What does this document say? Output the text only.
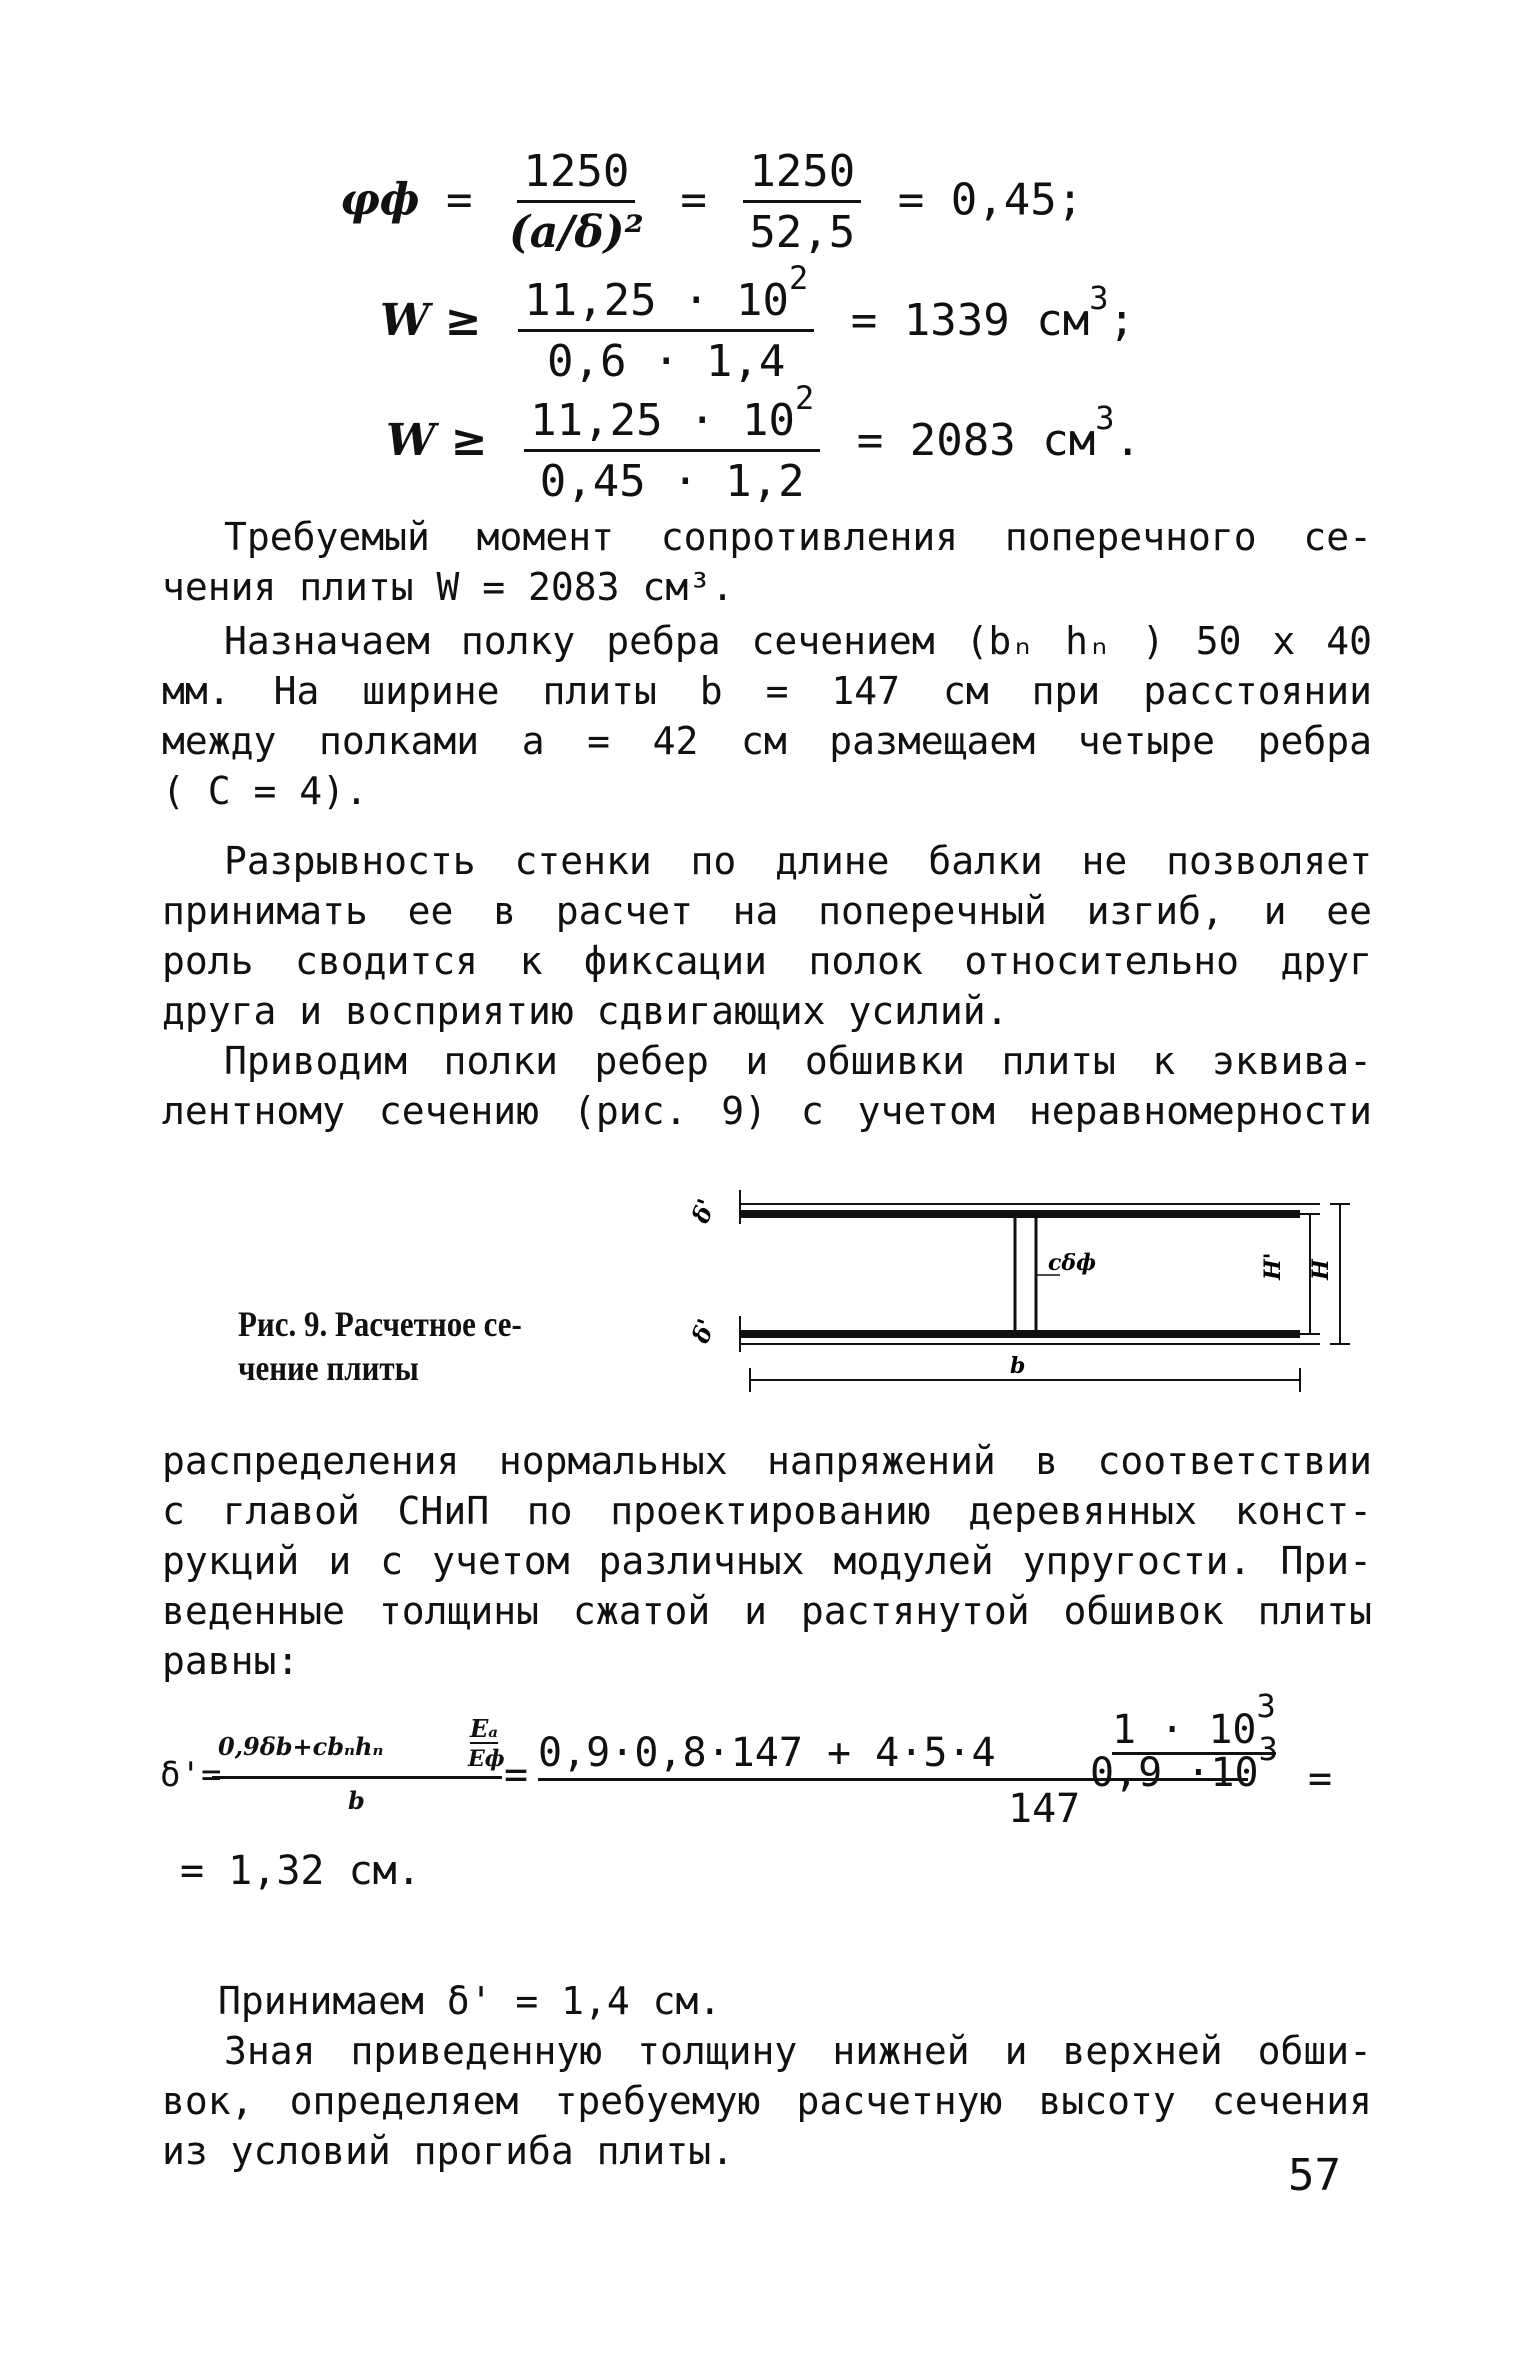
$\varphi ф = \frac{1250}{\text{(a/δ)²}} = \frac{1250}{52,5} = 0,45$;
$W \ge \frac{11,25 \cdot 10^2}{0,6 \cdot 1,4} = 1339$ $см^3$;
$W \ge \frac{11,25 \cdot 10^2}{0,45 \cdot 1,2} = 2083$ $см^3$.
Требуемый момент сопротивления поперечного се-
чения плиты W = 2083 см³.
Назначаем полку ребра сечением (bₙ hₙ ) 50 x 40
мм. На ширине плиты b = 147 см при расстоянии
между полками a = 42 см размещаем четыре ребра
( C = 4).
Разрывность стенки по длине балки не позволяет
принимать ее в расчет на поперечный изгиб, и ее
роль сводится к фиксации полок относительно друг
друга и восприятию сдвигающих усилий.
Приводим полки ребер и обшивки плиты к эквива-
лентному сечению (рис. 9) с учетом неравномерности
Рис. 9. Расчетное се-
чение плиты
cδф	H' H
b
δ'
δ'
распределения нормальных напряжений в соответствии
с главой СНиП по проектированию деревянных конст-
рукций и с учетом различных модулей упругости. При-
веденные толщины сжатой и растянутой обшивок плиты
равны:
δ'=
0,9δb+cbₙhₙ
Eₐ
Eф
b
= 0,9·0,8·147 + 4·5·4	$1 \cdot 10^3$
$0,9 \cdot 10^3$
147
=
= 1,32 см.
Принимаем δ' = 1,4 см.
Зная приведенную толщину нижней и верхней обши-
вок, определяем требуемую расчетную высоту сечения
из условий прогиба плиты.	57
